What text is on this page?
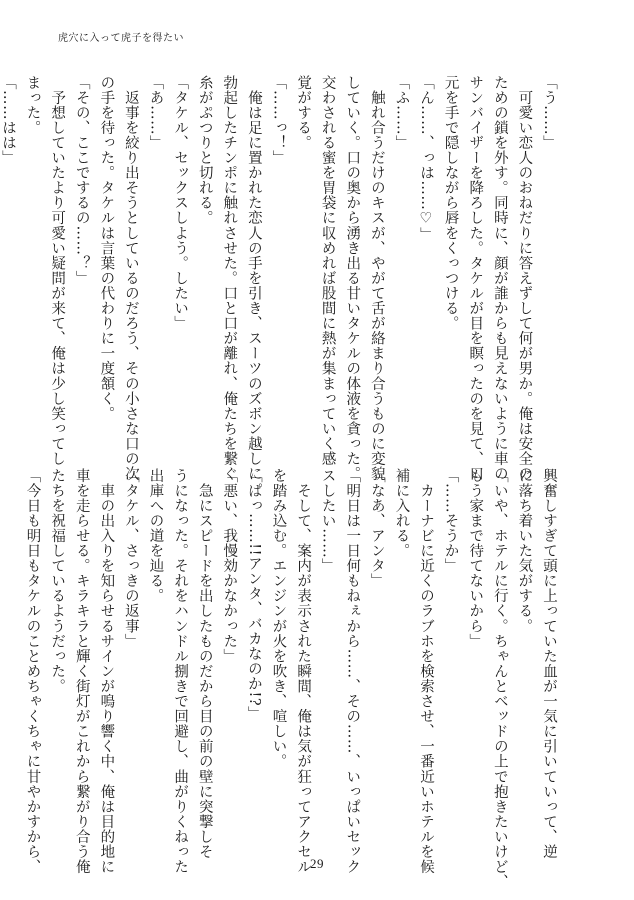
虎穴に入って虎子を得たい

「う……」

　可愛い恋人のおねだりに答えずして何が男か。俺は安全の

ための鎖を外す。同時に、顔が誰からも見えないように車の

サンバイザーを降ろした。タケルが目を瞑ったのを見て、口

元を手で隠しながら唇をくっつける。

「ん……、っは……♡」

「ふ……」

　触れ合うだけのキスが、やがて舌が絡まり合うものに変貌

していく。口の奥から湧き出る甘いタケルの体液を貪った。

交わされる蜜を胃袋に収めれば股間に熱が集まっていく感

覚がする。

「……っ！」

　俺は足に置かれた恋人の手を引き、スーツのズボン越しに

勃起したチンポに触れさせた。口と口が離れ、俺たちを繋ぐ

糸がぷつりと切れる。

「タケル、セックスしよう。したい」

「あ……」

　返事を絞り出そうとしているのだろう、その小さな口の次

の手を待った。タケルは言葉の代わりに一度頷く。

「その、ここでするの……？」

　予想していたより可愛い疑問が来て、俺は少し笑ってし

まった。

「……はは」

興奮しすぎて頭に上っていた血が一気に引いていって、逆

に落ち着いた気がする。

「いや、ホテルに行く。ちゃんとベッドの上で抱きたいけど、

もう家まで待てないから」

「……そうか」

　カーナビに近くのラブホを検索させ、一番近いホテルを候

補に入れる。

「なあ、アンタ」

「明日は一日何もねぇから……、その……、いっぱいセック

スしたい……」

　そして、案内が表示された瞬間、俺は気が狂ってアクセル

を踏み込む。エンジンが火を吹き、喧しい。

「ぱっ……!!アンタ、バカなのか!?」

「悪い、我慢効かなかった」

　急にスピードを出したものだから目の前の壁に突撃しそ

うになった。それをハンドル捌きで回避し、曲がりくねった

出庫への道を辿る。

「タケル、さっきの返事」

　車の出入りを知らせるサインが鳴り響く中、俺は目的地に

車を走らせる。キラキラと輝く街灯がこれから繋がり合う俺

たちを祝福しているようだった。

「今日も明日もタケルのことめちゃくちゃに甘やかすから、	29
